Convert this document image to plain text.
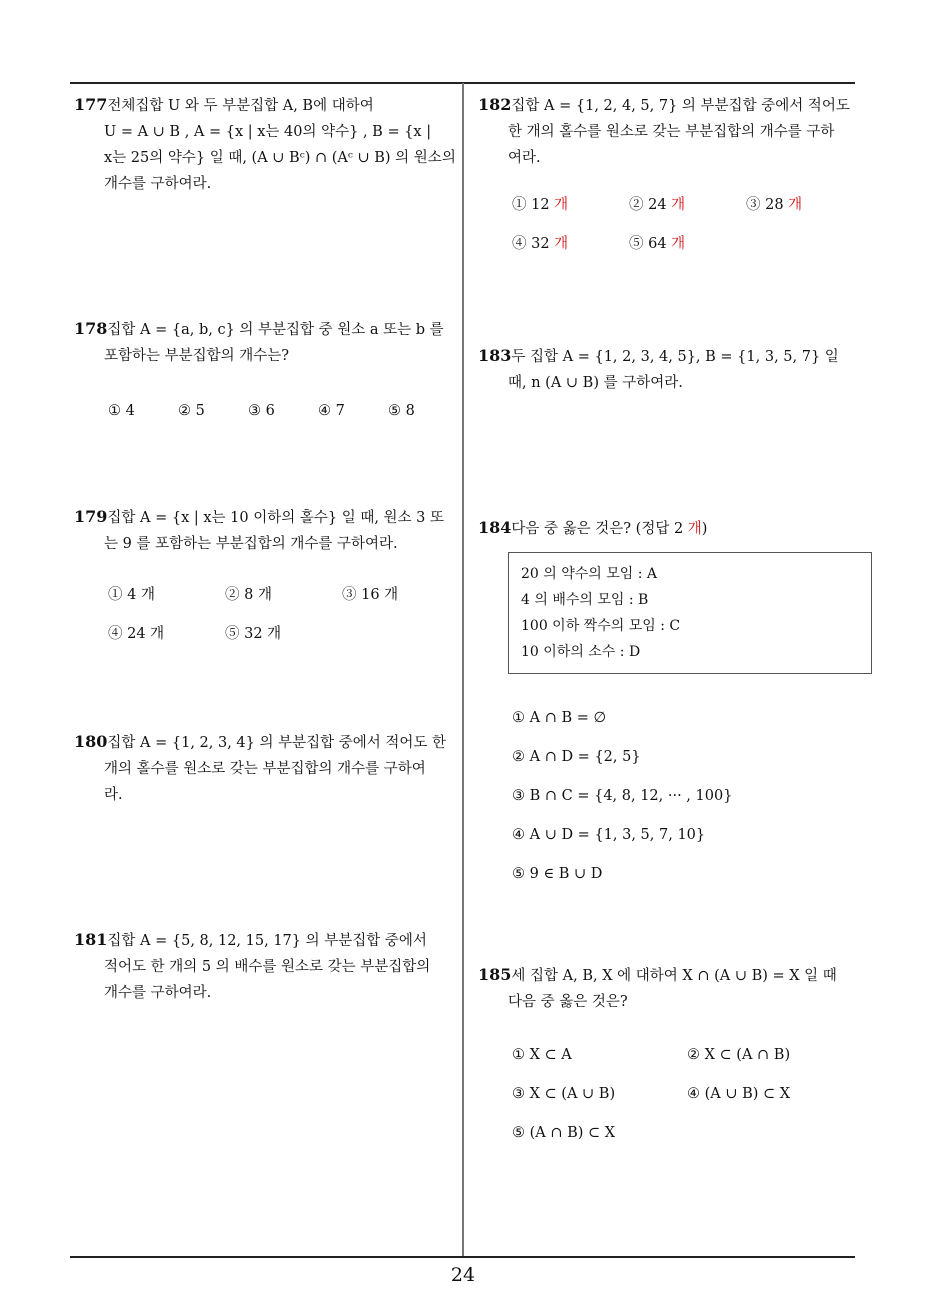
177전체집합 U 와 두 부분집합 A, B에 대하여
U = A ∪ B , A = {x | x는 40의 약수} , B = {x |
x는 25의 약수} 일 때, (A ∪ Bᶜ) ∩ (Aᶜ ∪ B) 의 원소의
개수를 구하여라.
178집합 A = {a, b, c} 의 부분집합 중 원소 a 또는 b 를
포함하는 부분집합의 개수는?
① 4	② 5	③ 6	④ 7	⑤ 8
179집합 A = {x | x는 10 이하의 홀수} 일 때, 원소 3 또
는 9 를 포함하는 부분집합의 개수를 구하여라.
① 4 개	② 8 개	③ 16 개
④ 24 개	⑤ 32 개
180집합 A = {1, 2, 3, 4} 의 부분집합 중에서 적어도 한
개의 홀수를 원소로 갖는 부분집합의 개수를 구하여
라.
181집합 A = {5, 8, 12, 15, 17} 의 부분집합 중에서
적어도 한 개의 5 의 배수를 원소로 갖는 부분집합의
개수를 구하여라.
182집합 A = {1, 2, 4, 5, 7} 의 부분집합 중에서 적어도
한 개의 홀수를 원소로 갖는 부분집합의 개수를 구하
여라.
① 12 개	② 24 개	③ 28 개
④ 32 개	⑤ 64 개
183두 집합 A = {1, 2, 3, 4, 5}, B = {1, 3, 5, 7} 일
때, n (A ∪ B) 를 구하여라.
184다음 중 옳은 것은? (정답 2 개)
20 의 약수의 모임 : A
4 의 배수의 모임 : B
100 이하 짝수의 모임 : C
10 이하의 소수 : D
① A ∩ B = ∅
② A ∩ D = {2, 5}
③ B ∩ C = {4, 8, 12, ··· , 100}
④ A ∪ D = {1, 3, 5, 7, 10}
⑤ 9 ∈ B ∪ D
185세 집합 A, B, X 에 대하여 X ∩ (A ∪ B) = X 일 때
다음 중 옳은 것은?
① X ⊂ A	② X ⊂ (A ∩ B)
③ X ⊂ (A ∪ B)	④ (A ∪ B) ⊂ X
⑤ (A ∩ B) ⊂ X
24
